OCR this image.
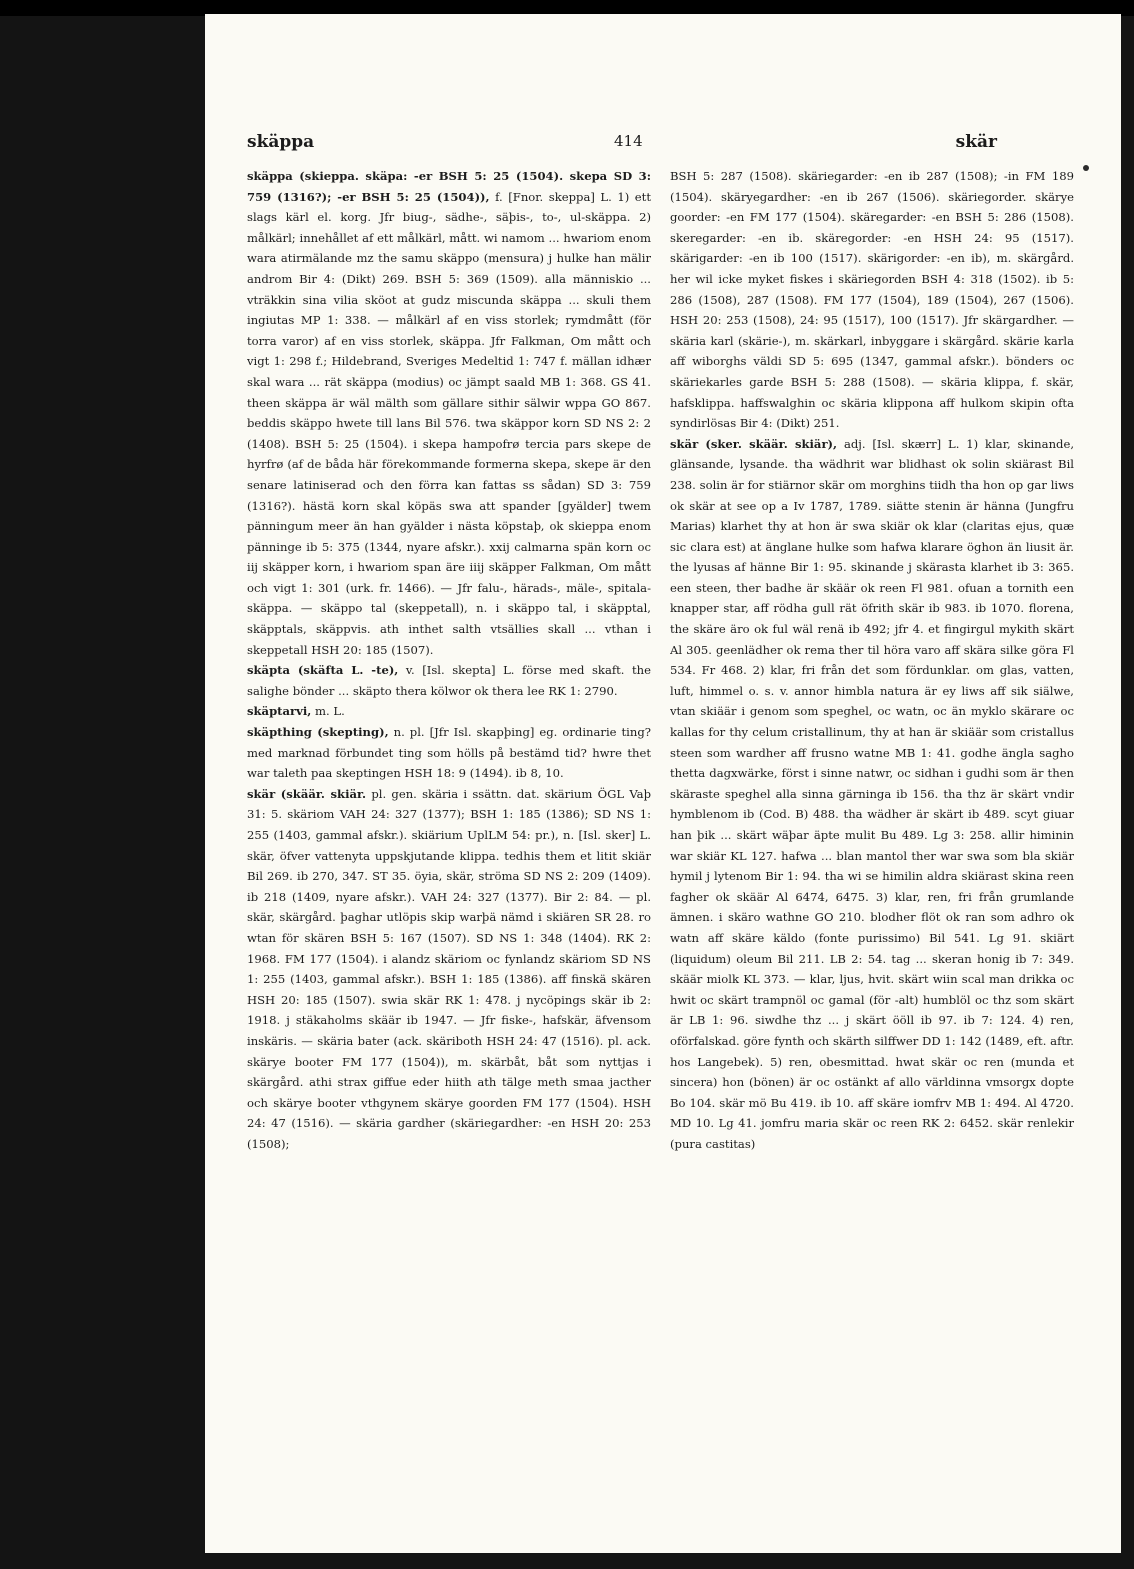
skäppa	414	skär

skäppa (skieppa. skäpa: -er BSH 5: 25 (1504). skepa SD 3: 759 (1316?); -er BSH 5: 25 (1504)), f. [Fnor. skeppa] L. 1) ett slags kärl el. korg. Jfr biug-, sädhe-, säþis-, to-, ul-skäppa. 2) målkärl; innehållet af ett målkärl, mått. wi namom ... hwariom enom wara atirmälande mz the samu skäppo (mensura) j hulke han mälir androm Bir 4: (Dikt) 269. BSH 5: 369 (1509). alla människio ... vträkkin sina vilia sköot at gudz miscunda skäppa ... skuli them ingiutas MP 1: 338. — målkärl af en viss storlek; rymdmått (för torra varor) af en viss storlek, skäppa. Jfr Falkman, Om mått och vigt 1: 298 f.; Hildebrand, Sveriges Medeltid 1: 747 f. mällan idhær skal wara ... rät skäppa (modius) oc jämpt saald MB 1: 368. GS 41. theen skäppa är wäl mälth som gällare sithir sälwir wppa GO 867. beddis skäppo hwete till lans Bil 576. twa skäppor korn SD NS 2: 2 (1408). BSH 5: 25 (1504). i skepa hampofrø tercia pars skepe de hyrfrø (af de båda här förekommande formerna skepa, skepe är den senare latiniserad och den förra kan fattas ss sådan) SD 3: 759 (1316?). hästä korn skal köpäs swa att spander [gyälder] twem pänningum meer än han gyälder i nästa köpstaþ, ok skieppa enom pänninge ib 5: 375 (1344, nyare afskr.). xxij calmarna spän korn oc iij skäpper korn, i hwariom span äre iiij skäpper Falkman, Om mått och vigt 1: 301 (urk. fr. 1466). — Jfr falu-, härads-, mäle-, spitala-skäppa. — skäppo tal (skeppetall), n. i skäppo tal, i skäpptal, skäpptals, skäppvis. ath inthet salth vtsällies skall ... vthan i skeppetall HSH 20: 185 (1507).

skäpta (skäfta L. -te), v. [Isl. skepta] L. förse med skaft. the salighe bönder ... skäpto thera kölwor ok thera lee RK 1: 2790.

skäptarvi, m. L.

skäpthing (skepting), n. pl. [Jfr Isl. skapþing] eg. ordinarie ting? med marknad förbundet ting som hölls på bestämd tid? hwre thet war taleth paa skeptingen HSH 18: 9 (1494). ib 8, 10.

skär (skäär. skiär. pl. gen. skäria i ssättn. dat. skärium ÖGL Vaþ 31: 5. skäriom VAH 24: 327 (1377); BSH 1: 185 (1386); SD NS 1: 255 (1403, gammal afskr.). skiärium UplLM 54: pr.), n. [Isl. sker] L. skär, öfver vattenyta uppskjutande klippa. tedhis them et litit skiär Bil 269. ib 270, 347. ST 35. öyia, skär, ströma SD NS 2: 209 (1409). ib 218 (1409, nyare afskr.). VAH 24: 327 (1377). Bir 2: 84. — pl. skär, skärgård. þaghar utlöpis skip warþä nämd i skiären SR 28. ro wtan för skären BSH 5: 167 (1507). SD NS 1: 348 (1404). RK 2: 1968. FM 177 (1504). i alandz skäriom oc fynlandz skäriom SD NS 1: 255 (1403, gammal afskr.). BSH 1: 185 (1386). aff finskä skären HSH 20: 185 (1507). swia skär RK 1: 478. j nycöpings skär ib 2: 1918. j stäkaholms skäär ib 1947. — Jfr fiske-, hafskär, äfvensom inskäris. — skäria bater (ack. skäriboth HSH 24: 47 (1516). pl. ack. skärye booter FM 177 (1504)), m. skärbåt, båt som nyttjas i skärgård. athi strax giffue eder hiith ath tälge meth smaa jacther och skärye booter vthgynem skärye goorden FM 177 (1504). HSH 24: 47 (1516). — skäria gardher (skäriegardher: -en HSH 20: 253 (1508);

BSH 5: 287 (1508). skäriegarder: -en ib 287 (1508); -in FM 189 (1504). skäryegardher: -en ib 267 (1506). skäriegorder. skärye goorder: -en FM 177 (1504). skäregarder: -en BSH 5: 286 (1508). skeregarder: -en ib. skäregorder: -en HSH 24: 95 (1517). skärigarder: -en ib 100 (1517). skärigorder: -en ib), m. skärgård. her wil icke myket fiskes i skäriegorden BSH 4: 318 (1502). ib 5: 286 (1508), 287 (1508). FM 177 (1504), 189 (1504), 267 (1506). HSH 20: 253 (1508), 24: 95 (1517), 100 (1517). Jfr skärgardher. — skäria karl (skärie-), m. skärkarl, inbyggare i skärgård. skärie karla aff wiborghs väldi SD 5: 695 (1347, gammal afskr.). bönders oc skäriekarles garde BSH 5: 288 (1508). — skäria klippa, f. skär, hafsklippa. haffswalghin oc skäria klippona aff hulkom skipin ofta syndirlösas Bir 4: (Dikt) 251.

skär (sker. skäär. skiär), adj. [Isl. skærr] L. 1) klar, skinande, glänsande, lysande. tha wädhrit war blidhast ok solin skiärast Bil 238. solin är for stiärnor skär om morghins tiidh tha hon op gar liws ok skär at see op a Iv 1787, 1789. siätte stenin är hänna (Jungfru Marias) klarhet thy at hon är swa skiär ok klar (claritas ejus, quæ sic clara est) at änglane hulke som hafwa klarare öghon än liusit är. the lyusas af hänne Bir 1: 95. skinande j skärasta klarhet ib 3: 365. een steen, ther badhe är skäär ok reen Fl 981. ofuan a tornith een knapper star, aff rödha gull rät öfrith skär ib 983. ib 1070. florena, the skäre äro ok ful wäl renä ib 492; jfr 4. et fingirgul mykith skärt Al 305. geenlädher ok rema ther til höra varo aff skära silke göra Fl 534. Fr 468. 2) klar, fri från det som fördunklar. om glas, vatten, luft, himmel o. s. v. annor himbla natura är ey liws aff sik siälwe, vtan skiäär i genom som speghel, oc watn, oc än myklo skärare oc kallas for thy celum cristallinum, thy at han är skiäär som cristallus steen som wardher aff frusno watne MB 1: 41. godhe ängla sagho thetta dagxwärke, först i sinne natwr, oc sidhan i gudhi som är then skäraste speghel alla sinna gärninga ib 156. tha thz är skärt vndir hymblenom ib (Cod. B) 488. tha wädher är skärt ib 489. scyt giuar han þik ... skärt wäþar äpte mulit Bu 489. Lg 3: 258. allir himinin war skiär KL 127. hafwa ... blan mantol ther war swa som bla skiär hymil j lytenom Bir 1: 94. tha wi se himilin aldra skiärast skina reen fagher ok skäär Al 6474, 6475. 3) klar, ren, fri från grumlande ämnen. i skäro wathne GO 210. blodher flöt ok ran som adhro ok watn aff skäre käldo (fonte purissimo) Bil 541. Lg 91. skiärt (liquidum) oleum Bil 211. LB 2: 54. tag ... skeran honig ib 7: 349. skäär miolk KL 373. — klar, ljus, hvit. skärt wiin scal man drikka oc hwit oc skärt trampnöl oc gamal (för -alt) humblöl oc thz som skärt är LB 1: 96. siwdhe thz ... j skärt ööll ib 97. ib 7: 124. 4) ren, oförfalskad. göre fynth och skärth silffwer DD 1: 142 (1489, eft. aftr. hos Langebek). 5) ren, obesmittad. hwat skär oc ren (munda et sincera) hon (bönen) är oc ostänkt af allo världinna vmsorgx dopte Bo 104. skär mö Bu 419. ib 10. aff skäre iomfrv MB 1: 494. Al 4720. MD 10. Lg 41. jomfru maria skär oc reen RK 2: 6452. skär renlekir (pura castitas)
